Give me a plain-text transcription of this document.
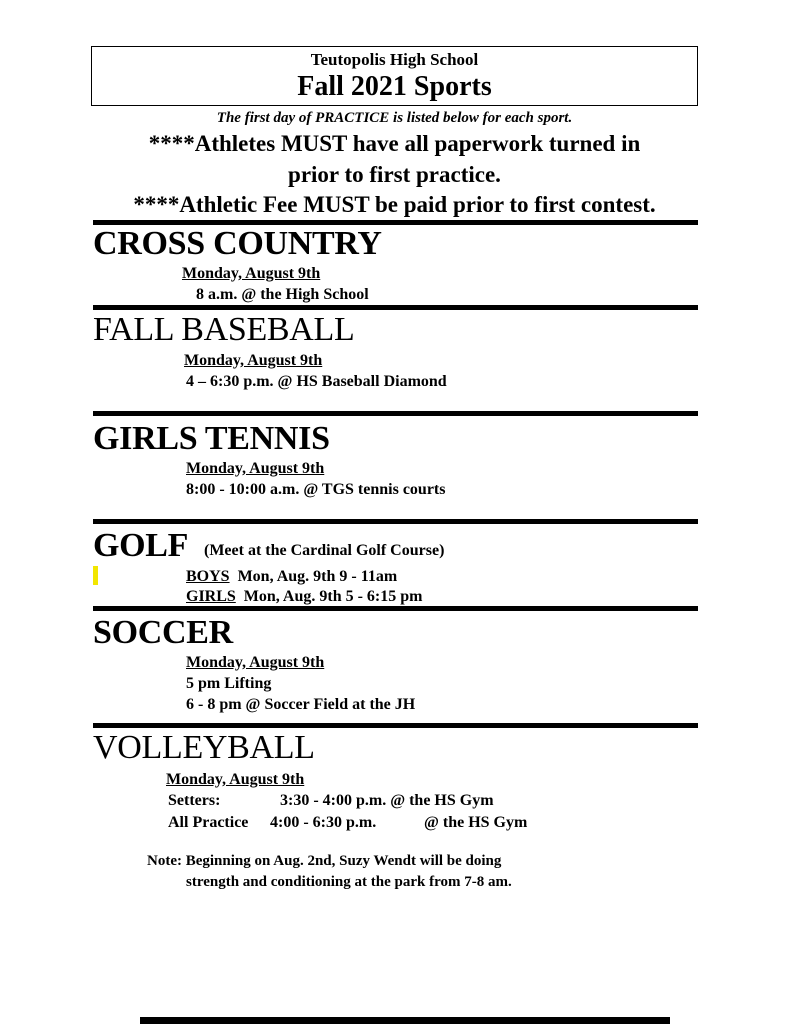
Teutopolis High School
Fall 2021 Sports
The first day of PRACTICE is listed below for each sport.
****Athletes MUST have all paperwork turned in
prior to first practice.
****Athletic Fee MUST be paid prior to first contest.
CROSS COUNTRY
Monday, August 9th
8 a.m. @ the High School
FALL BASEBALL
Monday, August 9th
4 – 6:30 p.m. @ HS Baseball Diamond
GIRLS TENNIS
Monday, August 9th
8:00 - 10:00 a.m. @ TGS tennis courts
GOLF (Meet at the Cardinal Golf Course)
BOYS Mon, Aug. 9th 9 - 11am
GIRLS Mon, Aug. 9th 5 - 6:15 pm
SOCCER
Monday, August 9th
5 pm Lifting
6 - 8 pm @ Soccer Field at the JH
VOLLEYBALL
Monday, August 9th
Setters:	3:30 - 4:00 p.m. @ the HS Gym
All Practice 4:00 - 6:30 p.m.	@ the HS Gym
Note: Beginning on Aug. 2nd, Suzy Wendt will be doing
strength and conditioning at the park from 7-8 am.
